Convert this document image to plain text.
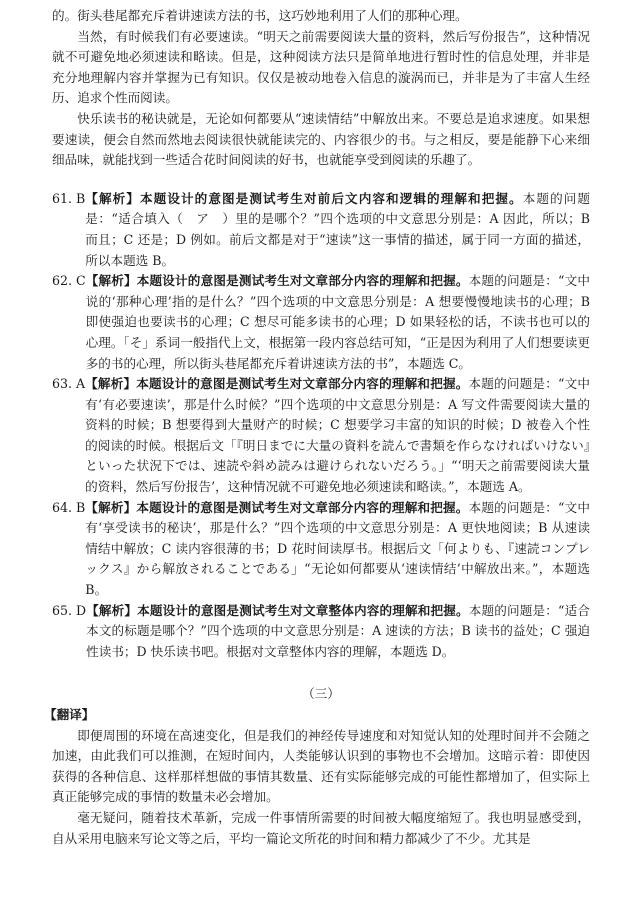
的。街头巷尾都充斥着讲速读方法的书，这巧妙地利用了人们的那种心理。

当然，有时候我们有必要速读。“明天之前需要阅读大量的资料，然后写份报告”，这种情况就不可避免地必须速读和略读。但是，这种阅读方法只是简单地进行暂时性的信息处理，并非是充分地理解内容并掌握为已有知识。仅仅是被动地卷入信息的漩涡而已，并非是为了丰富人生经历、追求个性而阅读。

快乐读书的秘诀就是，无论如何都要从“速读情结”中解放出来。不要总是追求速度。如果想要速读，便会自然而然地去阅读很快就能读完的、内容很少的书。与之相反，要是能静下心来细细品味，就能找到一些适合花时间阅读的好书，也就能享受到阅读的乐趣了。

61. B 【解析】本题设计的意图是测试考生对前后文内容和逻辑的理解和把握。本题的问题是：“适合填入（　ア　）里的是哪个？”四个选项的中文意思分别是：A 因此，所以；B 而且；C 还是；D 例如。前后文都是对于“速读”这一事情的描述，属于同一方面的描述，所以本题选 B。
62. C 【解析】本题设计的意图是测试考生对文章部分内容的理解和把握。本题的问题是：“文中说的‘那种心理’指的是什么？”四个选项的中文意思分别是：A 想要慢慢地读书的心理；B 即使强迫也要读书的心理；C 想尽可能多读书的心理；D 如果轻松的话，不读书也可以的心理。「そ」系词一般指代上文，根据第一段内容总结可知，“正是因为利用了人们想要读更多的书的心理，所以街头巷尾都充斥着讲速读方法的书”，本题选 C。
63. A 【解析】本题设计的意图是测试考生对文章部分内容的理解和把握。本题的问题是：“文中有‘有必要速读’，那是什么时候？”四个选项的中文意思分别是：A 写文件需要阅读大量的资料的时候；B 想要得到大量财产的时候；C 想要学习丰富的知识的时候；D 被卷入个性的阅读的时候。根据后文「『明日までに大量の資料を読んで書類を作らなければいけない』といった状況下では、速読や斜め読みは避けられないだろう。」“‘明天之前需要阅读大量的资料，然后写份报告’，这种情况就不可避免地必须速读和略读。”，本题选 A。
64. B 【解析】本题设计的意图是测试考生对文章部分内容的理解和把握。本题的问题是：“文中有‘享受读书的秘诀’，那是什么？”四个选项的中文意思分别是：A 更快地阅读；B 从速读情结中解放；C 读内容很薄的书；D 花时间读厚书。根据后文「何よりも、『速読コンプレックス』から解放されることである」“无论如何都要从‘速读情结’中解放出来。”，本题选 B。
65. D 【解析】本题设计的意图是测试考生对文章整体内容的理解和把握。本题的问题是：“适合本文的标题是哪个？”四个选项的中文意思分别是：A 速读的方法；B 读书的益处；C 强迫性读书；D 快乐读书吧。根据对文章整体内容的理解，本题选 D。

（三）

【翻译】

即便周围的环境在高速变化，但是我们的神经传导速度和对知觉认知的处理时间并不会随之加速，由此我们可以推测，在短时间内，人类能够认识到的事物也不会增加。这暗示着：即使因获得的各种信息、这样那样想做的事情其数量、还有实际能够完成的可能性都增加了，但实际上真正能够完成的事情的数量未必会增加。

毫无疑问，随着技术革新，完成一件事情所需要的时间被大幅度缩短了。我也明显感受到，自从采用电脑来写论文等之后，平均一篇论文所花的时间和精力都减少了不少。尤其是
